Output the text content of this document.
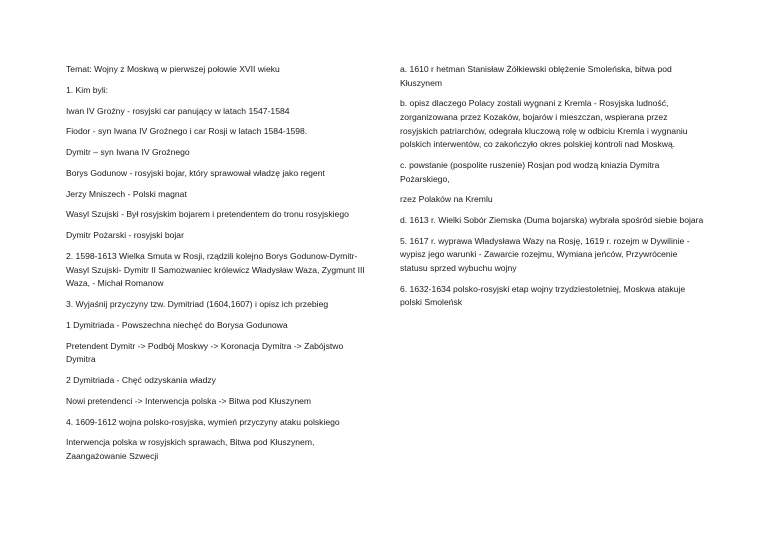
Temat: Wojny z Moskwą w pierwszej połowie XVII wieku

1. Kim byli:

Iwan IV Groźny - rosyjski car panujący w latach 1547-1584

Fiodor - syn Iwana IV Groźnego i car Rosji w latach 1584-1598.

Dymitr – syn Iwana IV Groźnego

Borys Godunow - rosyjski bojar, który sprawował władzę jako regent

Jerzy Mniszech - Polski magnat

Wasyl Szujski - Był rosyjskim bojarem i pretendentem do tronu rosyjskiego

Dymitr Pożarski - rosyjski bojar

2. 1598-1613 Wielka Smuta w Rosji, rządzili kolejno Borys Godunow-Dymitr-Wasyl Szujski- Dymitr II Samozwaniec królewicz Władysław Waza, Zygmunt III Waza, - Michał Romanow

3. Wyjaśnij przyczyny tzw. Dymitriad (1604,1607) i opisz ich przebieg

1 Dymitriada - Powszechna niechęć do Borysa Godunowa

Pretendent Dymitr -> Podbój Moskwy -> Koronacja Dymitra -> Zabójstwo Dymitra

2 Dymitriada - Chęć odzyskania władzy

Nowi pretendenci -> Interwencja polska -> Bitwa pod Kłuszynem

4. 1609-1612 wojna polsko-rosyjska, wymień przyczyny ataku polskiego

Interwencja polska w rosyjskich sprawach, Bitwa pod Kłuszynem, Zaangażowanie Szwecji

a. 1610 r hetman Stanisław Żółkiewski oblężenie Smoleńska, bitwa pod Kłuszynem

b. opisz dlaczego Polacy zostali wygnani z Kremla - Rosyjska ludność, zorganizowana przez Kozaków, bojarów i mieszczan, wspierana przez rosyjskich patriarchów, odegrała kluczową rolę w odbiciu Kremla i wygnaniu polskich interwentów, co zakończyło okres polskiej kontroli nad Moskwą.

c. powstanie (pospolite ruszenie) Rosjan pod wodzą kniazia Dymitra Pożarskiego,

rzez Polaków na Kremlu

d. 1613 r. Wielki Sobór Ziemska (Duma bojarska) wybrała spośród siebie bojara

5. 1617 r. wyprawa Władysława Wazy na Rosję, 1619 r. rozejm w Dywilinie - wypisz jego warunki - Zawarcie rozejmu, Wymiana jeńców, Przywrócenie statusu sprzed wybuchu wojny

6. 1632-1634 polsko-rosyjski etap wojny trzydziestoletniej, Moskwa atakuje polski Smoleńsk
